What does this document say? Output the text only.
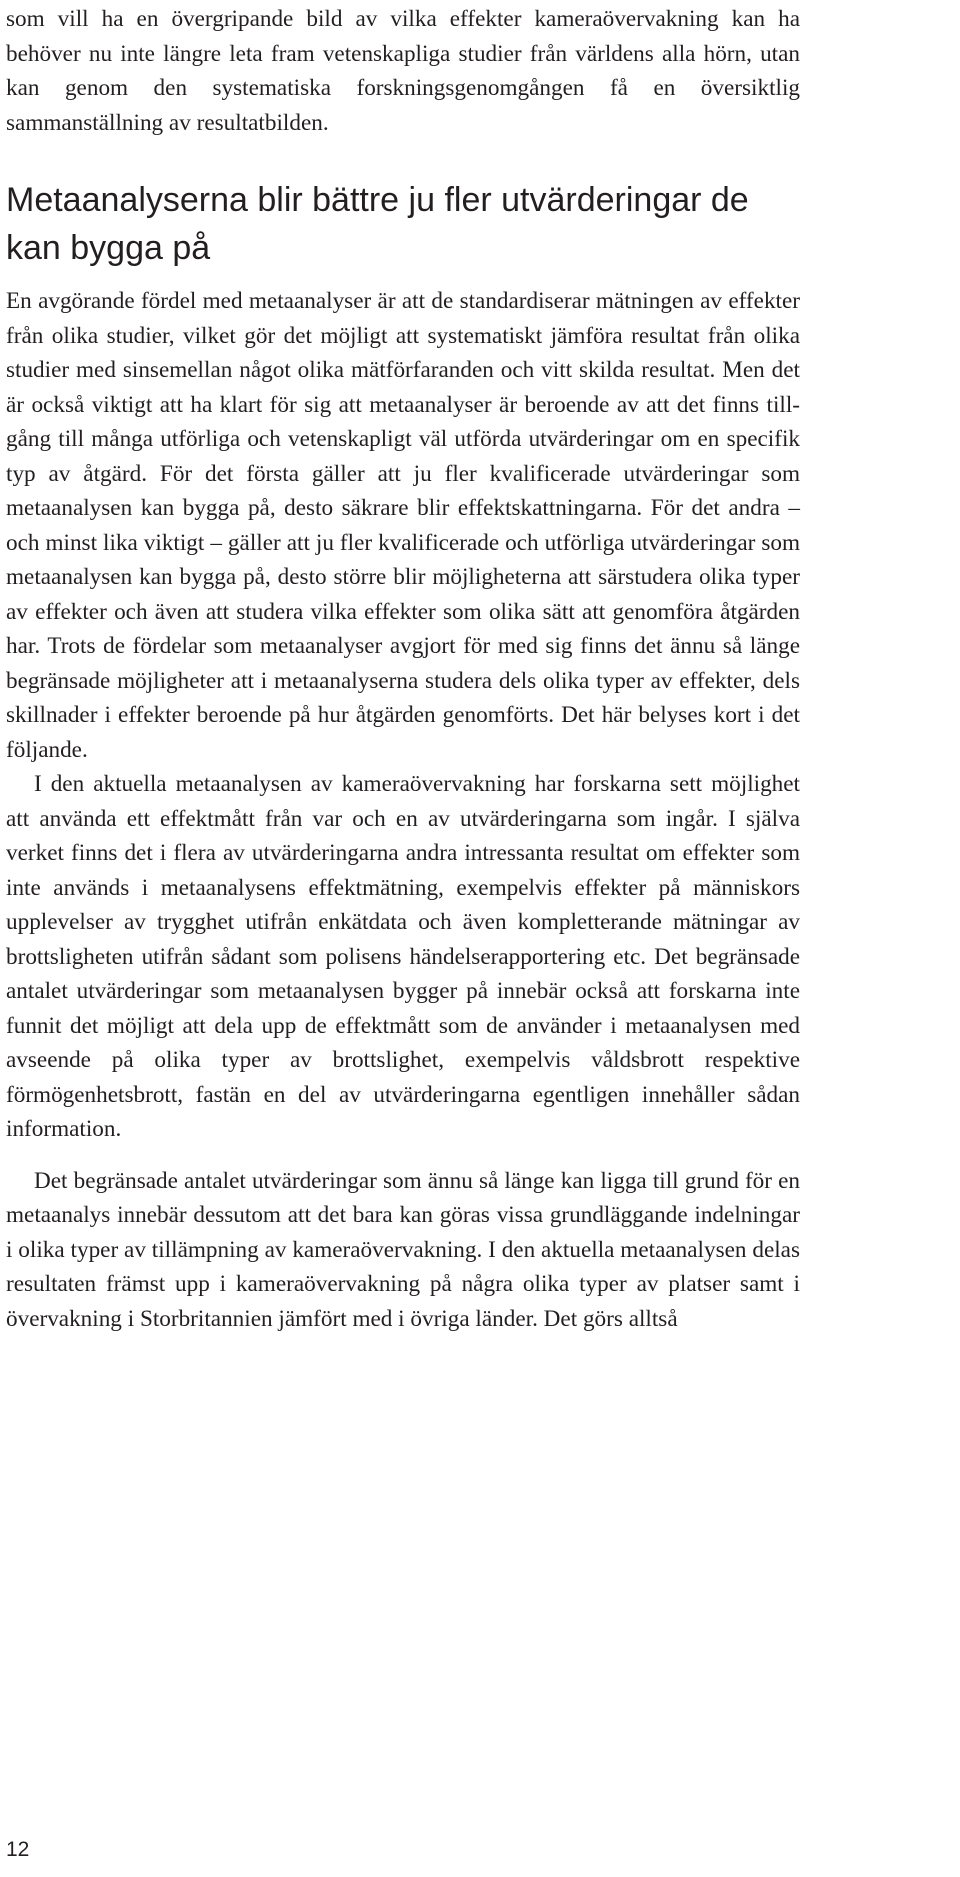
som vill ha en övergripande bild av vilka effekter kameraövervakning kan ha behöver nu inte längre leta fram vetenskapliga studier från världens alla hörn, utan kan genom den systematiska forskningsgenomgången få en översiktlig sammanställning av resultatbilden.

Metaanalyserna blir bättre ju fler utvärderingar de kan bygga på

En avgörande fördel med metaanalyser är att de standardiserar mätningen av effekter från olika studier, vilket gör det möjligt att systematiskt jämföra resultat från olika studier med sinsemellan något olika mätförfaranden och vitt skilda resultat. Men det är också viktigt att ha klart för sig att metaanalyser är beroende av att det finns tillgång till många utförliga och vetenskapligt väl utförda utvärderingar om en specifik typ av åtgärd. För det första gäller att ju fler kvalificerade utvärderingar som metaanalysen kan bygga på, desto säkrare blir effektskattningarna. För det andra – och minst lika viktigt – gäller att ju fler kvalificerade och utförliga utvärderingar som metaanalysen kan bygga på, desto större blir möjligheterna att särstudera olika typer av effekter och även att studera vilka effekter som olika sätt att genomföra åtgärden har. Trots de fördelar som metaanalyser avgjort för med sig finns det ännu så länge begränsade möjligheter att i metaanalyserna studera dels olika typer av effekter, dels skillnader i effekter beroende på hur åtgärden genomförts. Det här belyses kort i det följande.

I den aktuella metaanalysen av kameraövervakning har forskarna sett möjlighet att använda ett effektmått från var och en av utvärderingarna som ingår. I själva verket finns det i flera av utvärderingarna andra intressanta resultat om effekter som inte används i metaanalysens effektmätning, exempelvis effekter på människors upplevelser av trygghet utifrån enkätdata och även kompletterande mätningar av brottsligheten utifrån sådant som polisens händelserapportering etc. Det begränsade antalet utvärderingar som metaanalysen bygger på innebär också att forskarna inte funnit det möjligt att dela upp de effektmått som de använder i metaanalysen med avseende på olika typer av brottslighet, exempelvis våldsbrott respektive förmögenhetsbrott, fastän en del av utvärderingarna egentligen innehåller sådan information.

Det begränsade antalet utvärderingar som ännu så länge kan ligga till grund för en metaanalys innebär dessutom att det bara kan göras vissa grundläggande indelningar i olika typer av tillämpning av kameraövervakning. I den aktuella metaanalysen delas resultaten främst upp i kameraövervakning på några olika typer av platser samt i övervakning i Storbritannien jämfört med i övriga länder. Det görs alltså

12
